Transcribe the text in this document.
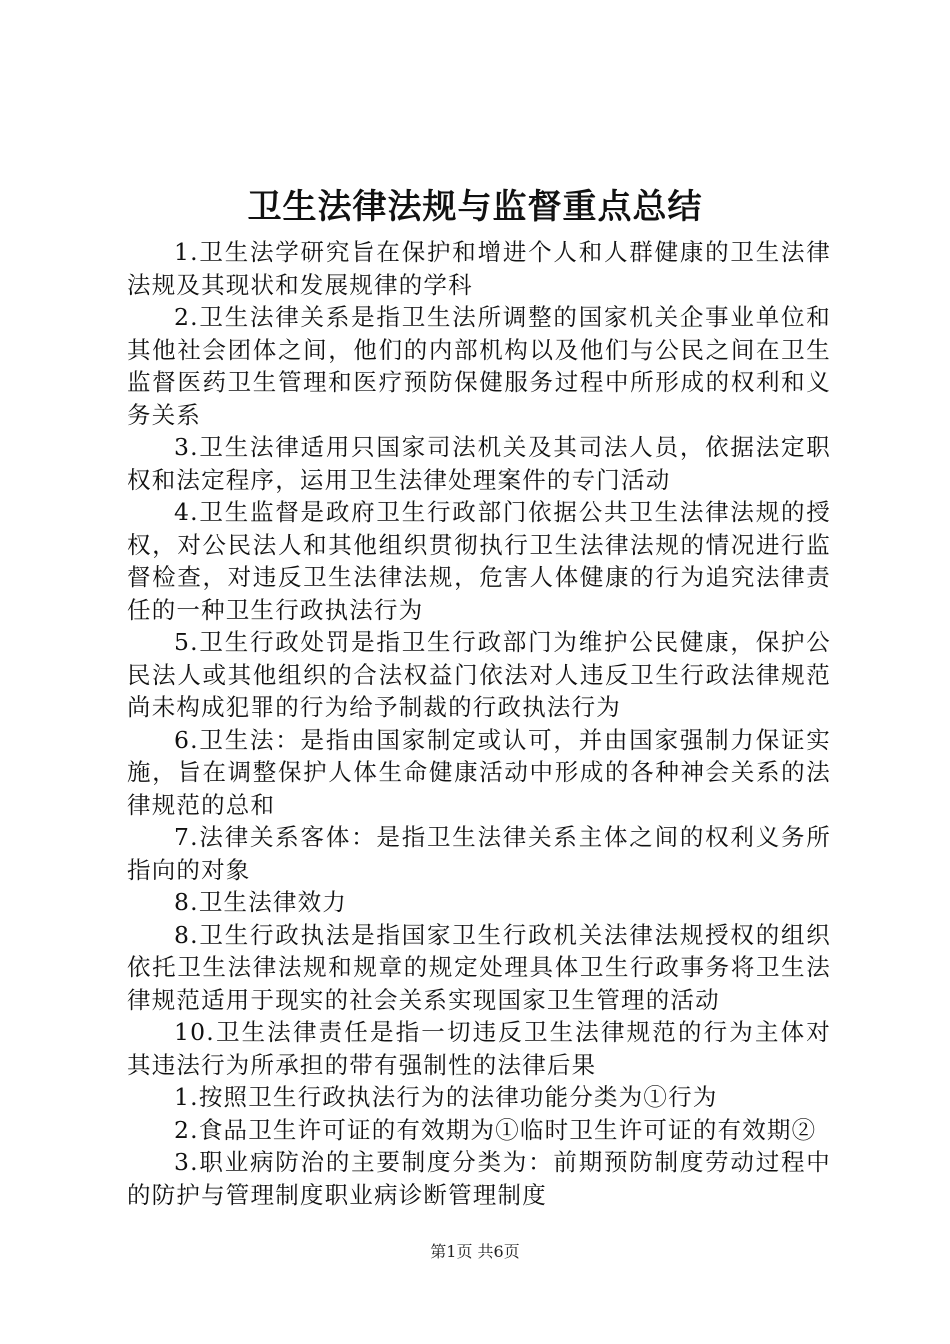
卫生法律法规与监督重点总结

1.卫生法学研究旨在保护和增进个人和人群健康的卫生法律法规及其现状和发展规律的学科

2.卫生法律关系是指卫生法所调整的国家机关企事业单位和其他社会团体之间，他们的内部机构以及他们与公民之间在卫生监督医药卫生管理和医疗预防保健服务过程中所形成的权利和义务关系

3.卫生法律适用只国家司法机关及其司法人员，依据法定职权和法定程序，运用卫生法律处理案件的专门活动

4.卫生监督是政府卫生行政部门依据公共卫生法律法规的授权，对公民法人和其他组织贯彻执行卫生法律法规的情况进行监督检查，对违反卫生法律法规，危害人体健康的行为追究法律责任的一种卫生行政执法行为

5.卫生行政处罚是指卫生行政部门为维护公民健康，保护公民法人或其他组织的合法权益门依法对人违反卫生行政法律规范尚未构成犯罪的行为给予制裁的行政执法行为

6.卫生法：是指由国家制定或认可，并由国家强制力保证实施，旨在调整保护人体生命健康活动中形成的各种神会关系的法律规范的总和

7.法律关系客体：是指卫生法律关系主体之间的权利义务所指向的对象

8.卫生法律效力

8.卫生行政执法是指国家卫生行政机关法律法规授权的组织依托卫生法律法规和规章的规定处理具体卫生行政事务将卫生法律规范适用于现实的社会关系实现国家卫生管理的活动

10.卫生法律责任是指一切违反卫生法律规范的行为主体对其违法行为所承担的带有强制性的法律后果

1.按照卫生行政执法行为的法律功能分类为①行为

2.食品卫生许可证的有效期为①临时卫生许可证的有效期②

3.职业病防治的主要制度分类为：前期预防制度劳动过程中的防护与管理制度职业病诊断管理制度

第1页 共6页
